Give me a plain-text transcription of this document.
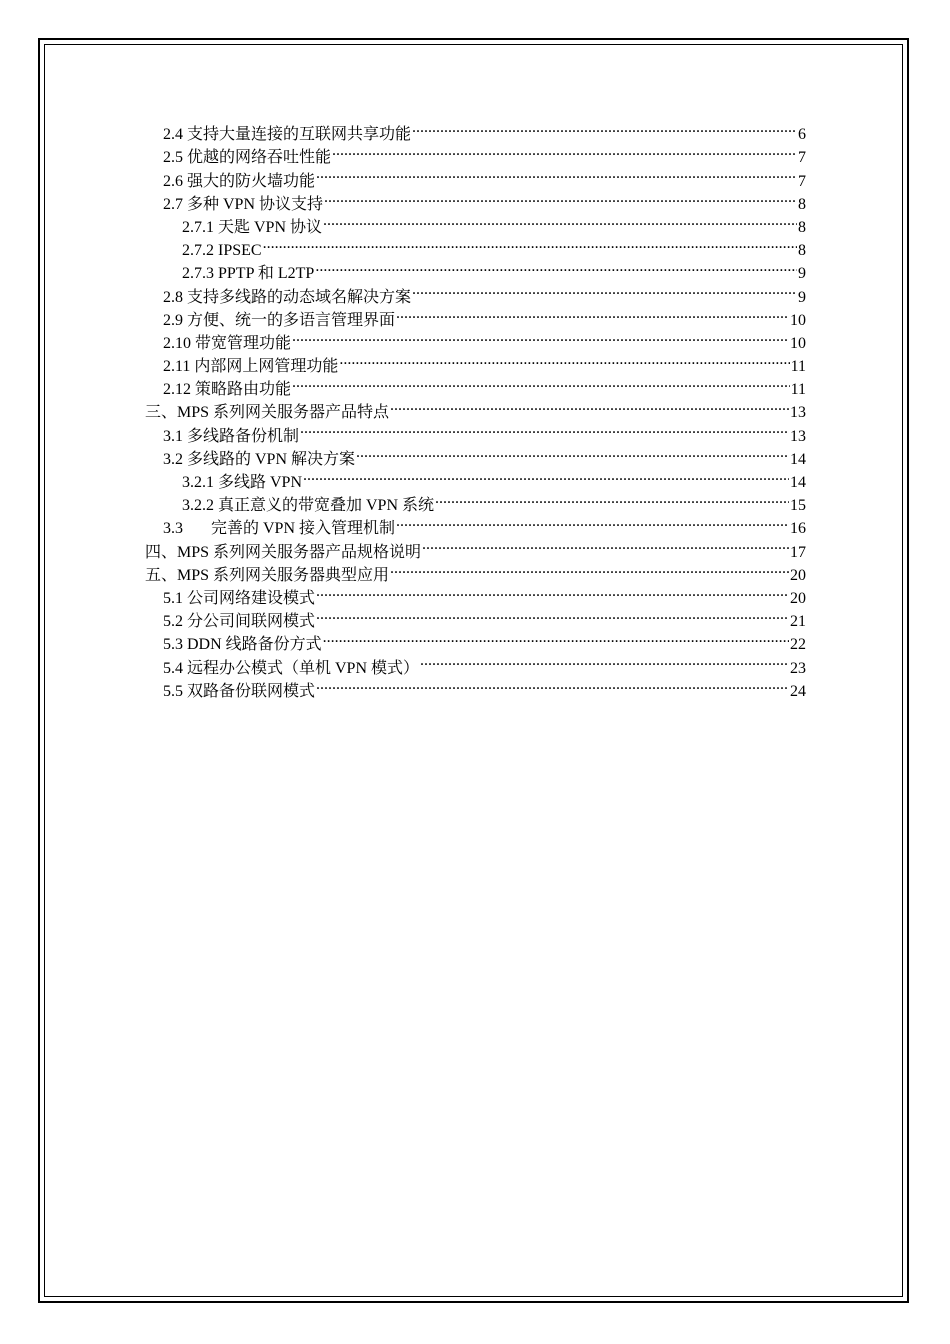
2.4 支持大量连接的互联网共享功能 .....	6
2.5 优越的网络吞吐性能 .....	7
2.6 强大的防火墙功能 .....	7
2.7 多种 VPN 协议支持 .....	8
2.7.1 天匙 VPN 协议 .....	8
2.7.2 IPSEC .....	8
2.7.3 PPTP 和 L2TP .....	9
2.8 支持多线路的动态域名解决方案 .....	9
2.9 方便、统一的多语言管理界面 .....	10
2.10 带宽管理功能 .....	10
2.11 内部网上网管理功能 .....	11
2.12 策略路由功能 .....	11
三、MPS 系列网关服务器产品特点 .....	13
3.1 多线路备份机制 .....	13
3.2 多线路的 VPN 解决方案 .....	14
3.2.1 多线路 VPN .....	14
3.2.2 真正意义的带宽叠加 VPN 系统 .....	15
3.3       完善的 VPN 接入管理机制 .....	16
四、MPS 系列网关服务器产品规格说明 .....	17
五、MPS 系列网关服务器典型应用 .....	20
5.1 公司网络建设模式 .....	20
5.2 分公司间联网模式 .....	21
5.3 DDN 线路备份方式 .....	22
5.4 远程办公模式（单机 VPN 模式） .....	23
5.5 双路备份联网模式 .....	24
